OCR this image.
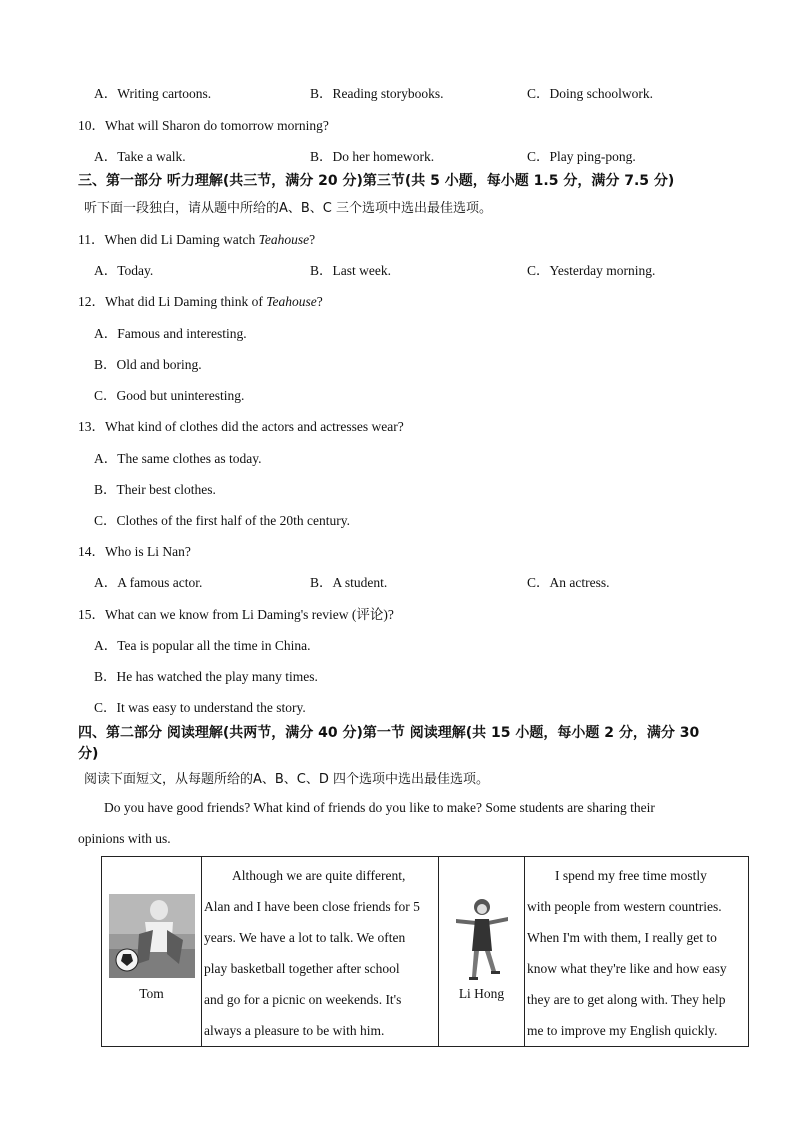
A．Writing cartoons.	B．Reading storybooks.	C．Doing schoolwork.
10．What will Sharon do tomorrow morning?
A．Take a walk.	B．Do her homework.	C．Play ping-pong.
三、第一部分 听力理解(共三节，满分 20 分)第三节(共 5 小题，每小题 1.5 分，满分 7.5 分)
听下面一段独白，请从题中所给的A、B、C 三个选项中选出最佳选项。
11．When did Li Daming watch Teahouse?
A．Today.	B．Last week.	C．Yesterday morning.
12．What did Li Daming think of Teahouse?
A．Famous and interesting.
B．Old and boring.
C．Good but uninteresting.
13．What kind of clothes did the actors and actresses wear?
A．The same clothes as today.
B．Their best clothes.
C．Clothes of the first half of the 20th century.
14．Who is Li Nan?
A．A famous actor.	B．A student.	C．An actress.
15．What can we know from Li Daming's review (评论)?
A．Tea is popular all the time in China.
B．He has watched the play many times.
C．It was easy to understand the story.
四、第二部分 阅读理解(共两节，满分 40 分)第一节 阅读理解(共 15 小题，每小题 2 分，满分 30
分)
阅读下面短文，从每题所给的A、B、C、D 四个选项中选出最佳选项。
Do you have good friends? What kind of friends do you like to make? Some students are sharing their
opinions with us.
Tom

Although we are quite different,
Alan and I have been close friends for 5
years. We have a lot to talk. We often
play basketball together after school
and go for a picnic on weekends. It's
always a pleasure to be with him.

Li Hong

I spend my free time mostly
with people from western countries.
When I'm with them, I really get to
know what they're like and how easy
they are to get along with. They help
me to improve my English quickly.
